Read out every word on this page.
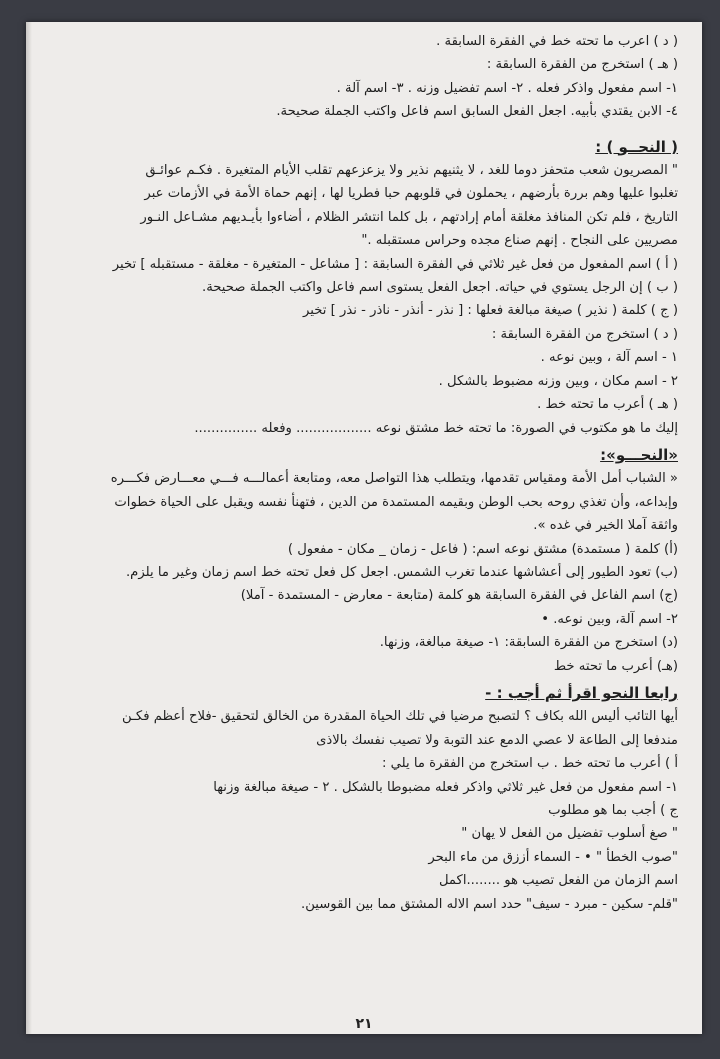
( د ) اعرب ما تحته خط في الفقرة السابقة .
( هـ ) استخرج من الفقرة السابقة :
١- اسم مفعول واذكر فعله . ٢- اسم تفضيل وزنه . ٣- اسم آلة .
٤- الابن يقتدي بأبيه. اجعل الفعل السابق اسم فاعل واكتب الجملة صحيحة.
( النحــو ) :
" المصريون شعب متحفز دوما للغد ، لا يثنيهم نذير ولا يزعزعهم تقلب الأيام المتغيرة . فكـم عوائـق
تغلبوا عليها وهم بررة بأرضهم ، يحملون في قلوبهم حبا فطريا لها ، إنهم حماة الأمة في الأزمات عبر
التاريخ ، فلم تكن المنافذ مغلقة أمام إرادتهم ، بل كلما انتشر الظلام ، أضاءوا بأيـديهم مشـاعل النـور
مصريين على النجاح . إنهم صناع مجده وحراس مستقبله ."
( أ ) اسم المفعول من فعل غير ثلاثي في الفقرة السابقة : [ مشاعل - المتغيرة - مغلقة - مستقبله ] تخير
( ب ) إن الرجل يستوي في حياته. اجعل الفعل يستوى اسم فاعل واكتب الجملة صحيحة.
( ج ) كلمة ( نذير ) صيغة مبالغة فعلها : [ نذر - أنذر - ناذر - نذر ] تخير
( د ) استخرج من الفقرة السابقة :
١ - اسم آلة ، وبين نوعه .
٢ - اسم مكان ، وبين وزنه مضبوط بالشكل .
( هـ ) أعرب ما تحته خط .
إليك ما هو مكتوب في الصورة: ما تحته خط مشتق نوعه .................. وفعله ...............
«النحـــو»:
« الشباب أمل الأمة ومقياس تقدمها، ويتطلب هذا التواصل معه، ومتابعة أعمالـــه فـــي معـــارض فكـــره
وإبداعه، وأن تغذي روحه بحب الوطن وبقيمه المستمدة من الدين ، فتهنأ نفسه ويقبل على الحياة خطوات
واثقة آملا الخير في غده ».
(أ) كلمة ( مستمدة) مشتق نوعه اسم: ( فاعل - زمان _ مكان - مفعول )
(ب) تعود الطيور إلى أعشاشها عندما تغرب الشمس. اجعل كل فعل تحته خط اسم زمان وغير ما يلزم.
(ج) اسم الفاعل في الفقرة السابقة هو كلمة (متابعة - معارض - المستمدة - آملا)
٢- اسم آلة، وبين نوعه. •
(د) استخرج من الفقرة السابقة: ١- صيغة مبالغة، وزنها.
(هـ) أعرب ما تحته خط
رابعا النحو اقرأ ثم أجب : -
أيها التائب أليس الله بكاف ؟ لتصبح مرضيا في تلك الحياة المقدرة من الخالق لتحقيق -فلاح أعظم فكـن
مندفعا إلى الطاعة لا عصي الدمع عند التوبة ولا تصيب نفسك بالاذى
أ ) أعرب ما تحته خط . ب استخرج من الفقرة ما يلي :
١- اسم مفعول من فعل غير ثلاثي واذكر فعله مضبوطا بالشكل . ٢ - صيغة مبالغة وزنها
ج ) أجب بما هو مطلوب
" صغ أسلوب تفضيل من الفعل لا يهان "
"صوب الخطأ " • - السماء أززق من ماء البحر
اسم الزمان من الفعل تصيب هو ........اكمل
"قلم- سكين - مبرد - سيف" حدد اسم الاله المشتق مما بين القوسين.
٢١
